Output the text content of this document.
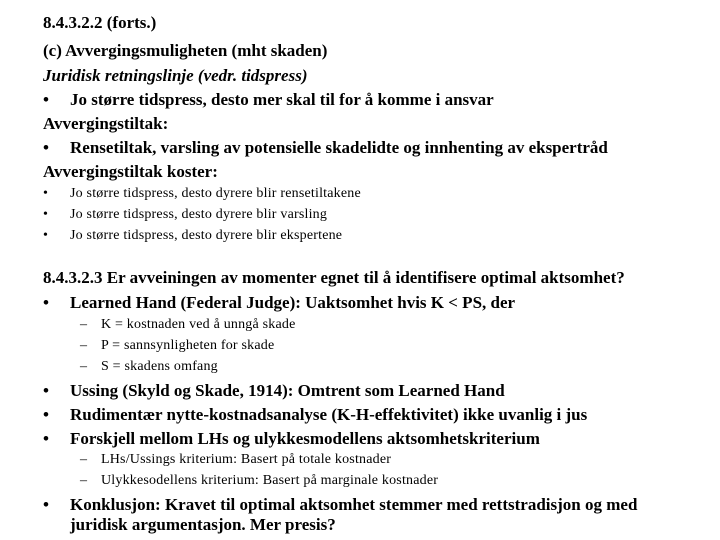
8.4.3.2.2 (forts.)
(c) Avvergingsmuligheten (mht skaden)
Juridisk retningslinje (vedr. tidspress)
• Jo større tidspress, desto mer skal til for å komme i ansvar
Avvergingstiltak:
• Rensetiltak, varsling av potensielle skadelidte og innhenting av ekspertråd
Avvergingstiltak koster:
• Jo større tidspress, desto dyrere blir rensetiltakene
• Jo større tidspress, desto dyrere blir varsling
• Jo større tidspress, desto dyrere blir ekspertene
8.4.3.2.3 Er avveiningen av momenter egnet til å identifisere optimal aktsomhet?
• Learned Hand (Federal Judge): Uaktsomhet hvis K < PS, der
– K = kostnaden ved å unngå skade
– P = sannsynligheten for skade
– S = skadens omfang
• Ussing (Skyld og Skade, 1914): Omtrent som Learned Hand
• Rudimentær nytte-kostnadsanalyse (K-H-effektivitet) ikke uvanlig i jus
• Forskjell mellom LHs og ulykkesmodellens aktsomhetskriterium
– LHs/Ussings kriterium: Basert på totale kostnader
– Ulykkesodellens kriterium: Basert på marginale kostnader
• Konklusjon: Kravet til optimal aktsomhet stemmer med rettstradisjon og med
juridisk argumentasjon. Mer presis?
